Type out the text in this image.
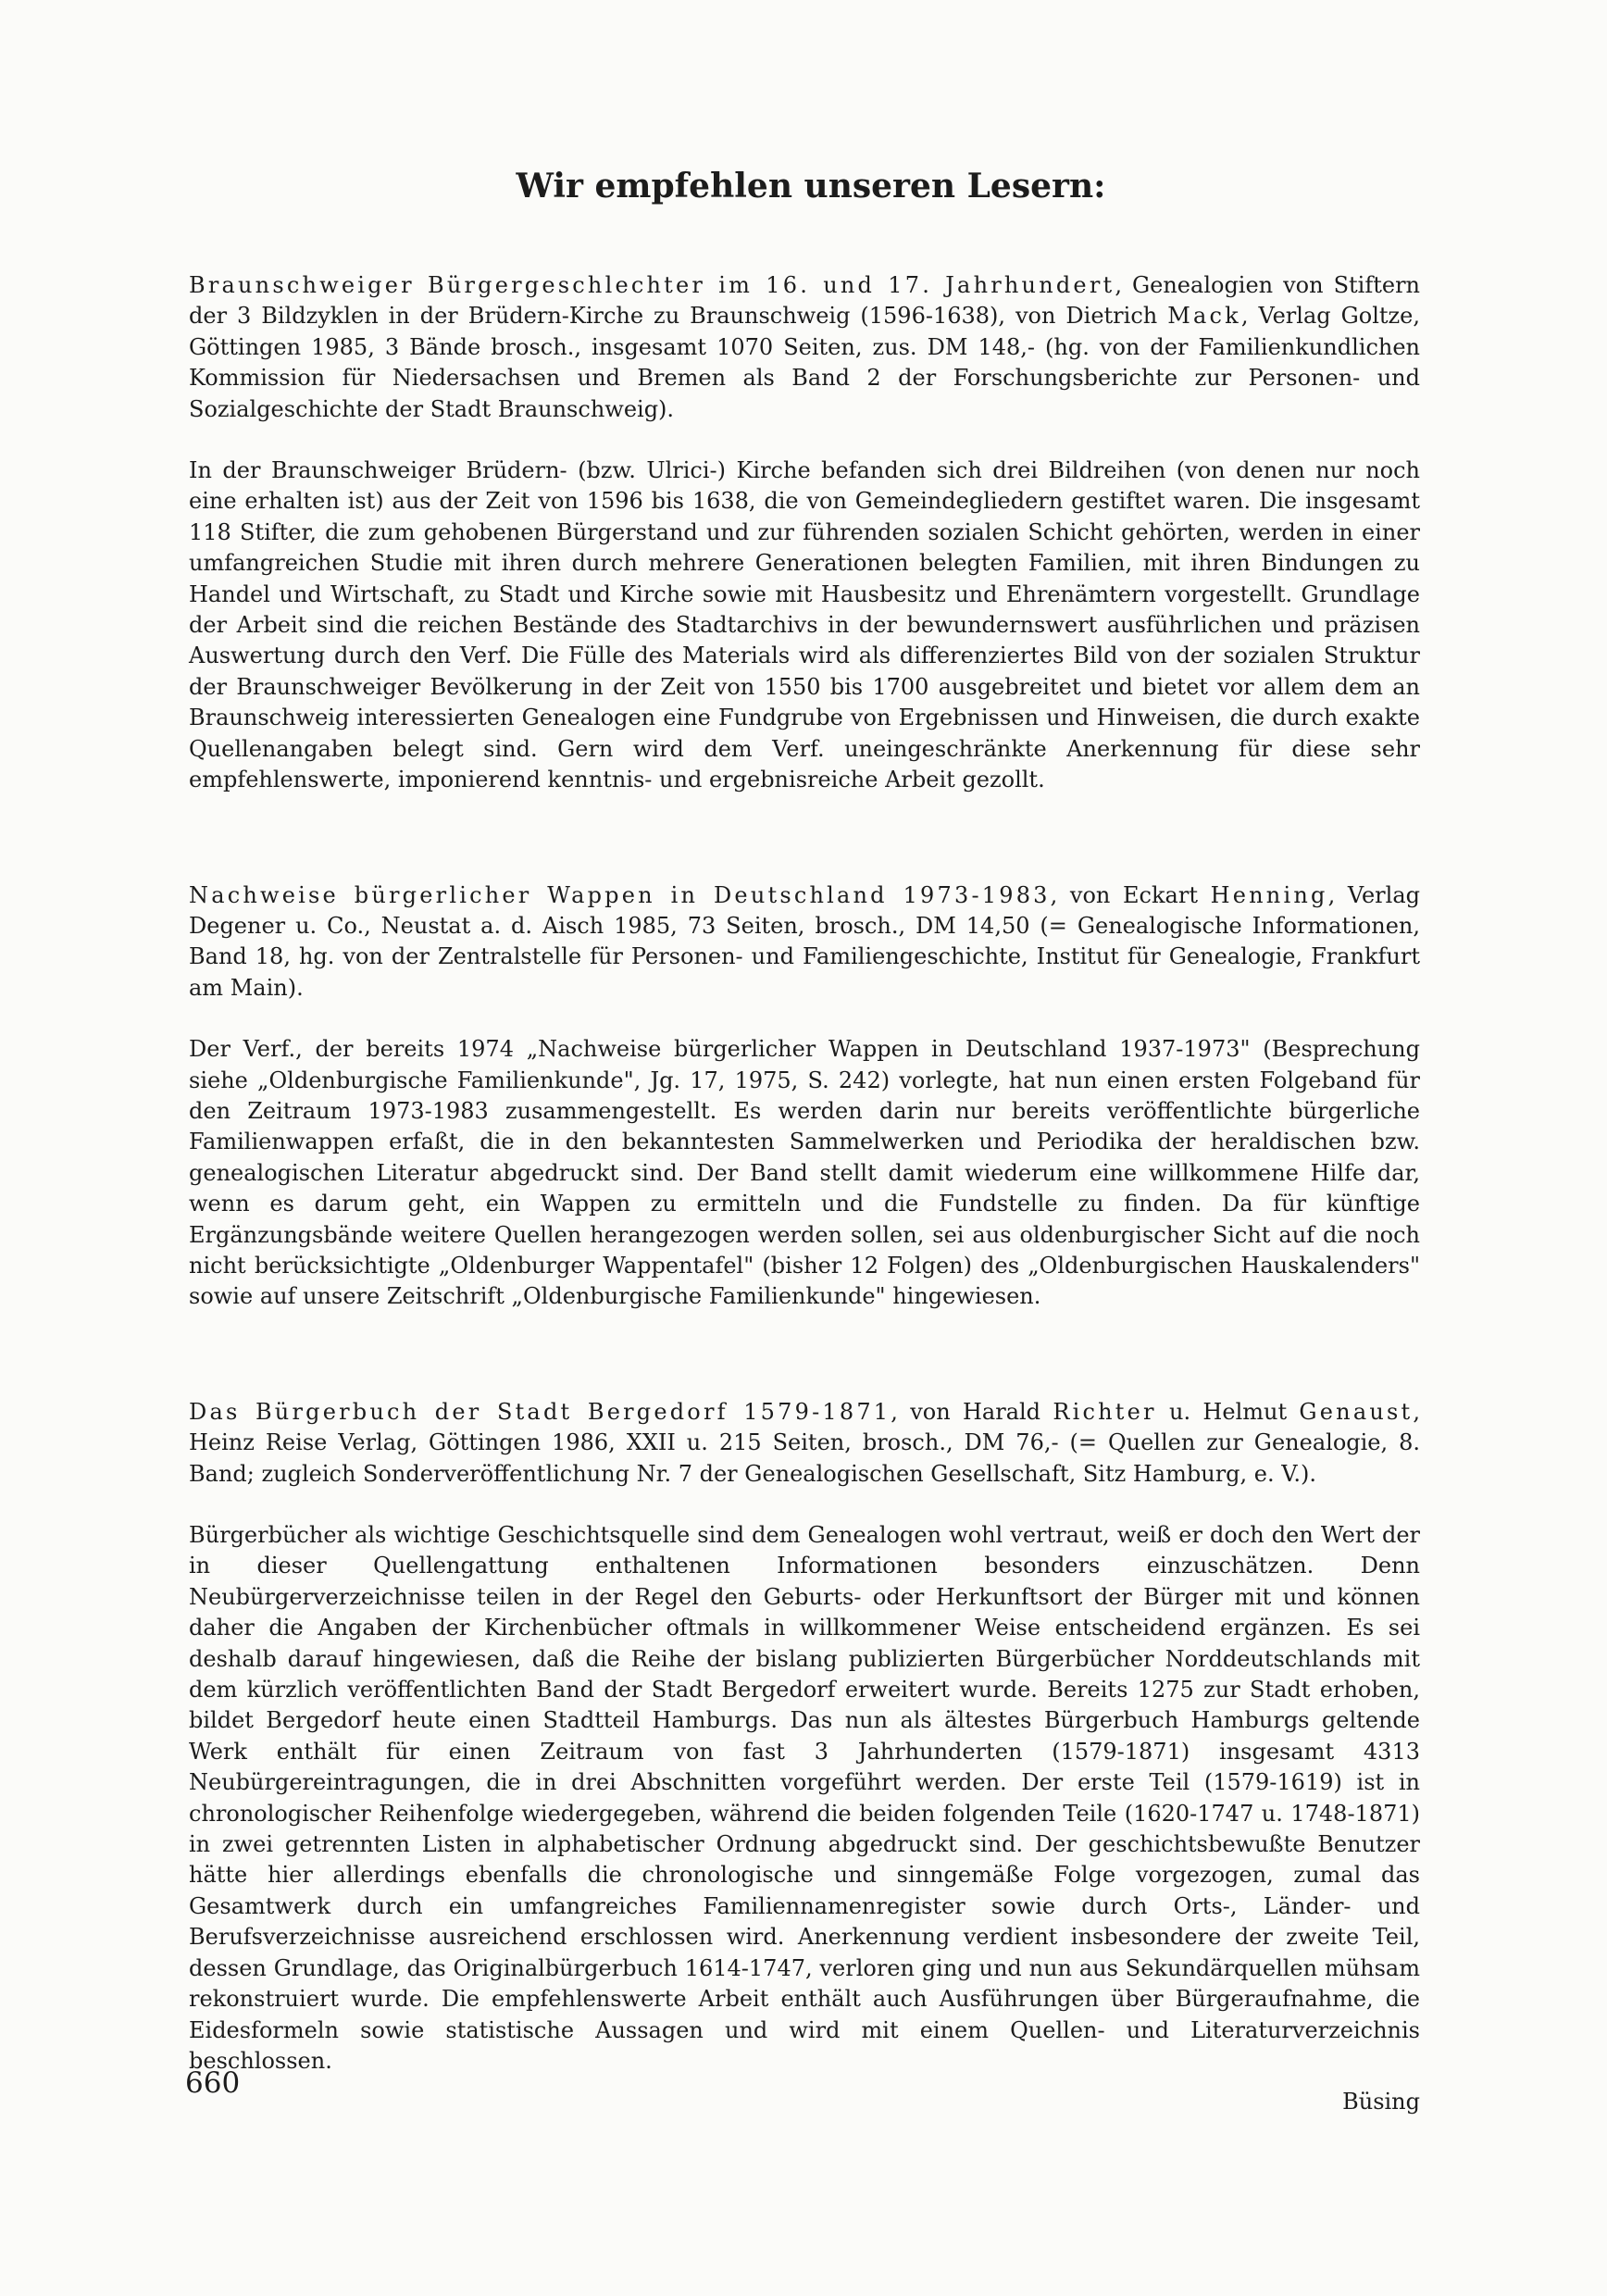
Wir empfehlen unseren Lesern:

Braunschweiger Bürgergeschlechter im 16. und 17. Jahrhundert, Genealogien von Stiftern der 3 Bildzyklen in der Brüdern-Kirche zu Braunschweig (1596-1638), von Dietrich Mack, Verlag Goltze, Göttingen 1985, 3 Bände brosch., insgesamt 1070 Seiten, zus. DM 148,- (hg. von der Familienkundlichen Kommission für Niedersachsen und Bremen als Band 2 der Forschungsberichte zur Personen- und Sozialgeschichte der Stadt Braunschweig).

In der Braunschweiger Brüdern- (bzw. Ulrici-) Kirche befanden sich drei Bildreihen (von denen nur noch eine erhalten ist) aus der Zeit von 1596 bis 1638, die von Gemeindegliedern gestiftet waren. Die insgesamt 118 Stifter, die zum gehobenen Bürgerstand und zur führenden sozialen Schicht gehörten, werden in einer umfangreichen Studie mit ihren durch mehrere Generationen belegten Familien, mit ihren Bindungen zu Handel und Wirtschaft, zu Stadt und Kirche sowie mit Hausbesitz und Ehrenämtern vorgestellt. Grundlage der Arbeit sind die reichen Bestände des Stadtarchivs in der bewundernswert ausführlichen und präzisen Auswertung durch den Verf. Die Fülle des Materials wird als differenziertes Bild von der sozialen Struktur der Braunschweiger Bevölkerung in der Zeit von 1550 bis 1700 ausgebreitet und bietet vor allem dem an Braunschweig interessierten Genealogen eine Fundgrube von Ergebnissen und Hinweisen, die durch exakte Quellenangaben belegt sind. Gern wird dem Verf. uneingeschränkte Anerkennung für diese sehr empfehlenswerte, imponierend kenntnis- und ergebnisreiche Arbeit gezollt.

Nachweise bürgerlicher Wappen in Deutschland 1973-1983, von Eckart Henning, Verlag Degener u. Co., Neustat a. d. Aisch 1985, 73 Seiten, brosch., DM 14,50 (= Genealogische Informationen, Band 18, hg. von der Zentralstelle für Personen- und Familiengeschichte, Institut für Genealogie, Frankfurt am Main).

Der Verf., der bereits 1974 „Nachweise bürgerlicher Wappen in Deutschland 1937-1973" (Besprechung siehe „Oldenburgische Familienkunde", Jg. 17, 1975, S. 242) vorlegte, hat nun einen ersten Folgeband für den Zeitraum 1973-1983 zusammengestellt. Es werden darin nur bereits veröffentlichte bürgerliche Familienwappen erfaßt, die in den bekanntesten Sammelwerken und Periodika der heraldischen bzw. genealogischen Literatur abgedruckt sind. Der Band stellt damit wiederum eine willkommene Hilfe dar, wenn es darum geht, ein Wappen zu ermitteln und die Fundstelle zu finden. Da für künftige Ergänzungsbände weitere Quellen herangezogen werden sollen, sei aus oldenburgischer Sicht auf die noch nicht berücksichtigte „Oldenburger Wappentafel" (bisher 12 Folgen) des „Oldenburgischen Hauskalenders" sowie auf unsere Zeitschrift „Oldenburgische Familienkunde" hingewiesen.

Das Bürgerbuch der Stadt Bergedorf 1579-1871, von Harald Richter u. Helmut Genaust, Heinz Reise Verlag, Göttingen 1986, XXII u. 215 Seiten, brosch., DM 76,- (= Quellen zur Genealogie, 8. Band; zugleich Sonderveröffentlichung Nr. 7 der Genealogischen Gesellschaft, Sitz Hamburg, e. V.).

Bürgerbücher als wichtige Geschichtsquelle sind dem Genealogen wohl vertraut, weiß er doch den Wert der in dieser Quellengattung enthaltenen Informationen besonders einzuschätzen. Denn Neubürgerverzeichnisse teilen in der Regel den Geburts- oder Herkunftsort der Bürger mit und können daher die Angaben der Kirchenbücher oftmals in willkommener Weise entscheidend ergänzen. Es sei deshalb darauf hingewiesen, daß die Reihe der bislang publizierten Bürgerbücher Norddeutschlands mit dem kürzlich veröffentlichten Band der Stadt Bergedorf erweitert wurde. Bereits 1275 zur Stadt erhoben, bildet Bergedorf heute einen Stadtteil Hamburgs. Das nun als ältestes Bürgerbuch Hamburgs geltende Werk enthält für einen Zeitraum von fast 3 Jahrhunderten (1579-1871) insgesamt 4313 Neubürgereintragungen, die in drei Abschnitten vorgeführt werden. Der erste Teil (1579-1619) ist in chronologischer Reihenfolge wiedergegeben, während die beiden folgenden Teile (1620-1747 u. 1748-1871) in zwei getrennten Listen in alphabetischer Ordnung abgedruckt sind. Der geschichtsbewußte Benutzer hätte hier allerdings ebenfalls die chronologische und sinngemäße Folge vorgezogen, zumal das Gesamtwerk durch ein umfangreiches Familiennamenregister sowie durch Orts-, Länder- und Berufsverzeichnisse ausreichend erschlossen wird. Anerkennung verdient insbesondere der zweite Teil, dessen Grundlage, das Originalbürgerbuch 1614-1747, verloren ging und nun aus Sekundärquellen mühsam rekonstruiert wurde. Die empfehlenswerte Arbeit enthält auch Ausführungen über Bürgeraufnahme, die Eidesformeln sowie statistische Aussagen und wird mit einem Quellen- und Literaturverzeichnis beschlossen.

Büsing

660
